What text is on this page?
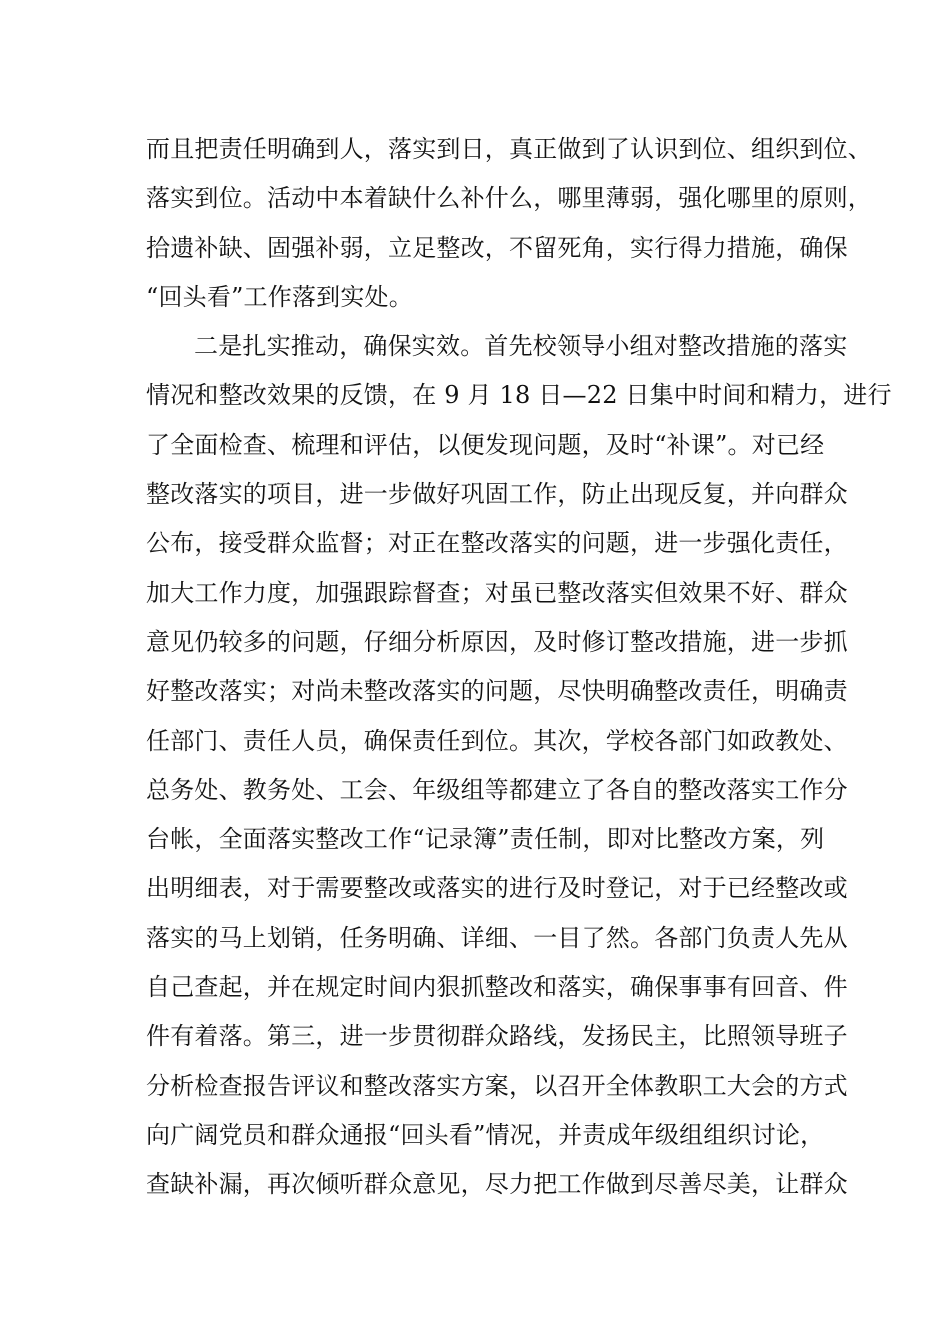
而且把责任明确到人，落实到日，真正做到了认识到位、组织到位、
落实到位。活动中本着缺什么补什么，哪里薄弱，强化哪里的原则，
拾遗补缺、固强补弱，立足整改，不留死角，实行得力措施，确保
“回头看”工作落到实处。
二是扎实推动，确保实效。首先校领导小组对整改措施的落实
情况和整改效果的反馈，在 9 月 18 日—22 日集中时间和精力，进行
了全面检查、梳理和评估，以便发现问题，及时“补课”。对已经
整改落实的项目，进一步做好巩固工作，防止出现反复，并向群众
公布，接受群众监督；对正在整改落实的问题，进一步强化责任，
加大工作力度，加强跟踪督查；对虽已整改落实但效果不好、群众
意见仍较多的问题，仔细分析原因，及时修订整改措施，进一步抓
好整改落实；对尚未整改落实的问题，尽快明确整改责任，明确责
任部门、责任人员，确保责任到位。其次，学校各部门如政教处、
总务处、教务处、工会、年级组等都建立了各自的整改落实工作分
台帐，全面落实整改工作“记录簿”责任制，即对比整改方案，列
出明细表，对于需要整改或落实的进行及时登记，对于已经整改或
落实的马上划销，任务明确、详细、一目了然。各部门负责人先从
自己查起，并在规定时间内狠抓整改和落实，确保事事有回音、件
件有着落。第三，进一步贯彻群众路线，发扬民主，比照领导班子
分析检查报告评议和整改落实方案，以召开全体教职工大会的方式
向广阔党员和群众通报“回头看”情况，并责成年级组组织讨论，
查缺补漏，再次倾听群众意见，尽力把工作做到尽善尽美，让群众
